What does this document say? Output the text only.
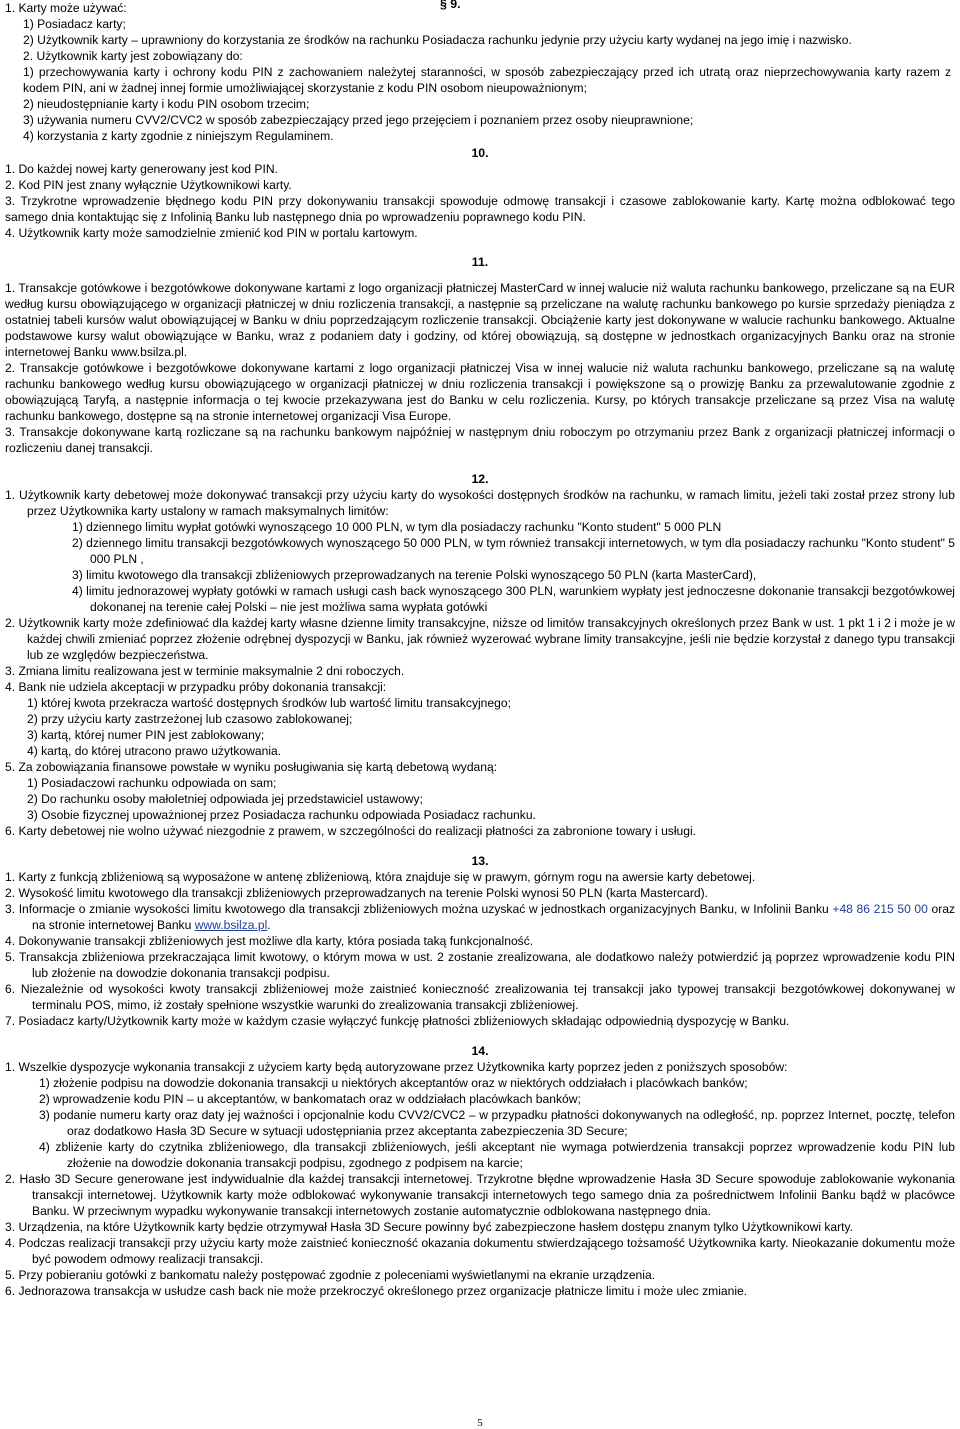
1. Karty może używać:	§ 9.

1) Posiadacz karty;

2) Użytkownik karty – uprawniony do korzystania ze środków na rachunku Posiadacza rachunku jedynie przy użyciu karty wydanej na jego imię i nazwisko.

2. Użytkownik karty jest zobowiązany do:

1) przechowywania karty i ochrony kodu PIN z zachowaniem należytej staranności, w sposób zabezpieczający przed ich utratą oraz nieprzechowywania karty razem z kodem PIN, ani w żadnej innej formie umożliwiającej skorzystanie z kodu PIN osobom nieupoważnionym;

2) nieudostępnianie karty i kodu PIN osobom trzecim;

3) używania numeru CVV2/CVC2 w sposób zabezpieczający przed jego przejęciem i poznaniem przez osoby nieuprawnione;

4) korzystania z karty zgodnie z niniejszym Regulaminem.

10.

1. Do każdej nowej karty generowany jest kod PIN.

2. Kod PIN jest znany wyłącznie Użytkownikowi karty.

3. Trzykrotne wprowadzenie błędnego kodu PIN przy dokonywaniu transakcji spowoduje odmowę transakcji i czasowe zablokowanie karty. Kartę można odblokować tego samego dnia kontaktując się z Infolinią Banku lub następnego dnia po wprowadzeniu poprawnego kodu PIN.

4. Użytkownik karty może samodzielnie zmienić kod PIN w portalu kartowym.

11.

1. Transakcje gotówkowe i bezgotówkowe dokonywane kartami z logo organizacji płatniczej MasterCard w innej walucie niż waluta rachunku bankowego, przeliczane są na EUR według kursu obowiązującego w organizacji płatniczej w dniu rozliczenia transakcji, a następnie są przeliczane na walutę rachunku bankowego po kursie sprzedaży pieniądza z ostatniej tabeli kursów walut obowiązującej w Banku w dniu poprzedzającym rozliczenie transakcji. Obciążenie karty jest dokonywane w walucie rachunku bankowego. Aktualne podstawowe kursy walut obowiązujące w Banku, wraz z podaniem daty i godziny, od której obowiązują, są dostępne w jednostkach organizacyjnych Banku oraz na stronie internetowej Banku www.bsilza.pl.

2. Transakcje gotówkowe i bezgotówkowe dokonywane kartami z logo organizacji płatniczej Visa w innej walucie niż waluta rachunku bankowego, przeliczane są na walutę rachunku bankowego według kursu obowiązującego w organizacji płatniczej w dniu rozliczenia transakcji i powiększone są o prowizję Banku za przewalutowanie zgodnie z obowiązującą Taryfą, a następnie informacja o tej kwocie przekazywana jest do Banku w celu rozliczenia. Kursy, po których transakcje przeliczane są przez Visa na walutę rachunku bankowego, dostępne są na stronie internetowej organizacji Visa Europe.

3. Transakcje dokonywane kartą rozliczane są na rachunku bankowym najpóźniej w następnym dniu roboczym po otrzymaniu przez Bank z organizacji płatniczej informacji o rozliczeniu danej transakcji.

12.

1. Użytkownik karty debetowej może dokonywać transakcji przy użyciu karty do wysokości dostępnych środków na rachunku, w ramach limitu, jeżeli taki został przez strony lub przez Użytkownika karty ustalony w ramach maksymalnych limitów:

1) dziennego limitu wypłat gotówki wynoszącego 10 000 PLN, w tym dla posiadaczy rachunku "Konto student" 5 000 PLN

2) dziennego limitu transakcji bezgotówkowych wynoszącego 50 000 PLN, w tym również transakcji internetowych, w tym dla posiadaczy rachunku "Konto student" 5 000 PLN ,

3) limitu kwotowego dla transakcji zbliżeniowych przeprowadzanych na terenie Polski wynoszącego 50 PLN (karta MasterCard),

4) limitu jednorazowej wypłaty gotówki w ramach usługi cash back wynoszącego 300 PLN, warunkiem wypłaty jest jednoczesne dokonanie transakcji bezgotówkowej dokonanej na terenie całej Polski – nie jest możliwa sama wypłata gotówki

2. Użytkownik karty może zdefiniować dla każdej karty własne dzienne limity transakcyjne, niższe od limitów transakcyjnych określonych przez Bank w ust. 1 pkt 1 i 2 i może je w każdej chwili zmieniać poprzez złożenie odrębnej dyspozycji w Banku, jak również wyzerować wybrane limity transakcyjne, jeśli nie będzie korzystał z danego typu transakcji lub ze względów bezpieczeństwa.

3. Zmiana limitu realizowana jest w terminie maksymalnie 2 dni roboczych.

4. Bank nie udziela akceptacji w przypadku próby dokonania transakcji:

1) której kwota przekracza wartość dostępnych środków lub wartość limitu transakcyjnego;

2) przy użyciu karty zastrzeżonej lub czasowo zablokowanej;

3) kartą, której numer PIN jest zablokowany;

4) kartą, do której utracono prawo użytkowania.

5. Za zobowiązania finansowe powstałe w wyniku posługiwania się kartą debetową wydaną:

1) Posiadaczowi rachunku odpowiada on sam;

2) Do rachunku osoby małoletniej odpowiada jej przedstawiciel ustawowy;

3) Osobie fizycznej upoważnionej przez Posiadacza rachunku odpowiada Posiadacz rachunku.

6. Karty debetowej nie wolno używać niezgodnie z prawem, w szczególności do realizacji płatności za zabronione towary i usługi.

13.

1. Karty z funkcją zbliżeniową są wyposażone w antenę zbliżeniową, która znajduje się w prawym, górnym rogu na awersie karty debetowej.

2. Wysokość limitu kwotowego dla transakcji zbliżeniowych przeprowadzanych na terenie Polski wynosi 50 PLN (karta Mastercard).

3. Informacje o zmianie wysokości limitu kwotowego dla transakcji zbliżeniowych można uzyskać w jednostkach organizacyjnych Banku, w Infolinii Banku +48 86 215 50 00 oraz na stronie internetowej Banku www.bsilza.pl.

4. Dokonywanie transakcji zbliżeniowych jest możliwe dla karty, która posiada taką funkcjonalność.

5. Transakcja zbliżeniowa przekraczająca limit kwotowy, o którym mowa w ust. 2 zostanie zrealizowana, ale dodatkowo należy potwierdzić ją poprzez wprowadzenie kodu PIN lub złożenie na dowodzie dokonania transakcji podpisu.

6. Niezależnie od wysokości kwoty transakcji zbliżeniowej może zaistnieć konieczność zrealizowania tej transakcji jako typowej transakcji bezgotówkowej dokonywanej w terminalu POS, mimo, iż zostały spełnione wszystkie warunki do zrealizowania transakcji zbliżeniowej.

7. Posiadacz karty/Użytkownik karty może w każdym czasie wyłączyć funkcję płatności zbliżeniowych składając odpowiednią dyspozycję w Banku.

14.

1. Wszelkie dyspozycje wykonania transakcji z użyciem karty będą autoryzowane przez Użytkownika karty poprzez jeden z poniższych sposobów:

1) złożenie podpisu na dowodzie dokonania transakcji u niektórych akceptantów oraz w niektórych oddziałach i placówkach banków;

2) wprowadzenie kodu PIN – u akceptantów, w bankomatach oraz w oddziałach placówkach banków;

3) podanie numeru karty oraz daty jej ważności i opcjonalnie kodu CVV2/CVC2 – w przypadku płatności dokonywanych na odległość, np. poprzez Internet, pocztę, telefon oraz dodatkowo Hasła 3D Secure w sytuacji udostępniania przez akceptanta zabezpieczenia 3D Secure;

4) zbliżenie karty do czytnika zbliżeniowego, dla transakcji zbliżeniowych, jeśli akceptant nie wymaga potwierdzenia transakcji poprzez wprowadzenie kodu PIN lub złożenie na dowodzie dokonania transakcji podpisu, zgodnego z podpisem na karcie;

2. Hasło 3D Secure generowane jest indywidualnie dla każdej transakcji internetowej. Trzykrotne błędne wprowadzenie Hasła 3D Secure spowoduje zablokowanie wykonania transakcji internetowej. Użytkownik karty może odblokować wykonywanie transakcji internetowych tego samego dnia za pośrednictwem Infolinii Banku bądź w placówce Banku. W przeciwnym wypadku wykonywanie transakcji internetowych zostanie automatycznie odblokowana następnego dnia.

3. Urządzenia, na które Użytkownik karty będzie otrzymywał Hasła 3D Secure powinny być zabezpieczone hasłem dostępu znanym tylko Użytkownikowi karty.

4. Podczas realizacji transakcji przy użyciu karty może zaistnieć konieczność okazania dokumentu stwierdzającego tożsamość Użytkownika karty. Nieokazanie dokumentu może być powodem odmowy realizacji transakcji.

5. Przy pobieraniu gotówki z bankomatu należy postępować zgodnie z poleceniami wyświetlanymi na ekranie urządzenia.

6. Jednorazowa transakcja w usłudze cash back nie może przekroczyć określonego przez organizacje płatnicze limitu i może ulec zmianie.

5
